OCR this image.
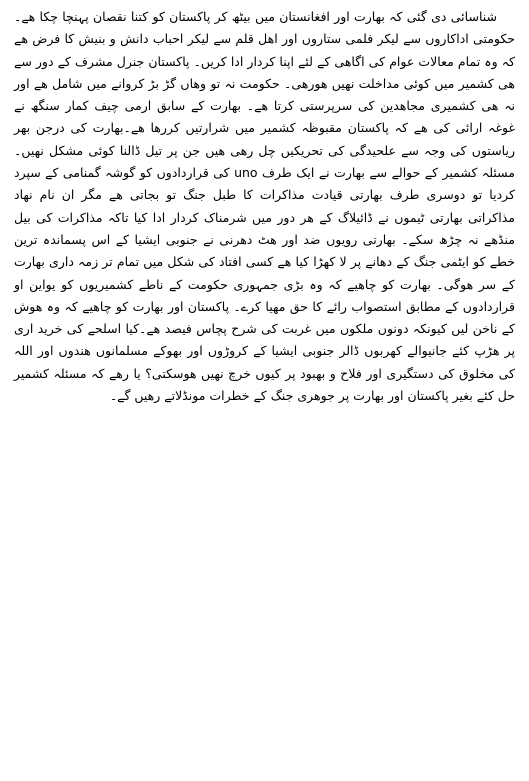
شناسائی دی گئی کہ بھارت اور افغانستان میں بیٹھ کر پاکستان کو کتنا نقصان پہنچا چکا ھے۔ حکومتی اداکاروں سے لیکر فلمی ستاروں اور اھل قلم سے لیکر احباب دانش و بنیش کا فرض ھے کہ وہ تمام معالات عوام کی اگاھی کے لئے اپنا کردار ادا کریں۔ پاکستان جنرل مشرف کے دور سے ھی کشمیر میں کوئی مداخلت نھیں ھورھی۔ حکومت نہ تو وھاں گڑ بڑ کروانے میں شامل ھے اور نہ ھی کشمیری مجاھدین کی سرپرستی کرتا ھے۔ بھارت کے سابق ارمی چیف کمار سنگھ نے غوغہ ارائی کی ھے کہ پاکستان مقبوظہ کشمیر میں شرارتیں کررھا ھے۔بھارت کی درجن بھر ریاستوں کی وجہ سے علحیدگی کی تحریکیں چل رھی ھیں جن پر تیل ڈالنا کوئی مشکل نھیں۔ مسئلہ کشمیر کے حوالے سے بھارت نے ایک طرف uno کی قراردادوں کو گوشہ گمنامی کے سپرد کردیا تو دوسری طرف بھارتی قیادت مذاکرات کا طبل جنگ تو بجاتی ھے مگر ان نام نھاد مذاکراتی بھارتی ٹیموں نے ڈائیلاگ کے ھر دور میں شرمناک کردار ادا کیا تاکہ مذاکرات کی بیل منڈھے نہ چڑھ سکے۔ بھارتی رویوں ضد اور ھٹ دھرنی نے جنوبی ایشیا کے اس پسماندہ ترین خطے کو ایٹمی جنگ کے دھانے پر لا کھڑا کیا ھے کسی افتاد کی شکل میں تمام تر زمہ داری بھارت کے سر ھوگی۔ بھارت کو چاھیے کہ وہ بڑی جمہوری حکومت کے ناطے کشمیریوں کو یواین او قراردادوں کے مطابق استصواب رائے کا حق مھیا کرے۔ پاکستان اور بھارت کو چاھیے کہ وہ ھوش کے ناخن لیں کیونکہ دونوں ملکوں میں غربت کی شرح پچاس فیصد ھے۔کیا اسلحے کی خرید اری پر ھڑپ کئے جانیوالے کھربوں ڈالر جنوبی ایشیا کے کروڑوں اور بھوکے مسلمانوں ھندوں اور اللہ کی مخلوق کی دستگیری اور فلاح و بھبود پر کیوں خرچ نھیں ھوسکتی؟ یا رھے کہ مسئلہ کشمیر حل کئے بغیر پاکستان اور بھارت پر جوھری جنگ کے خطرات مونڈلاتے رھیں گے۔
